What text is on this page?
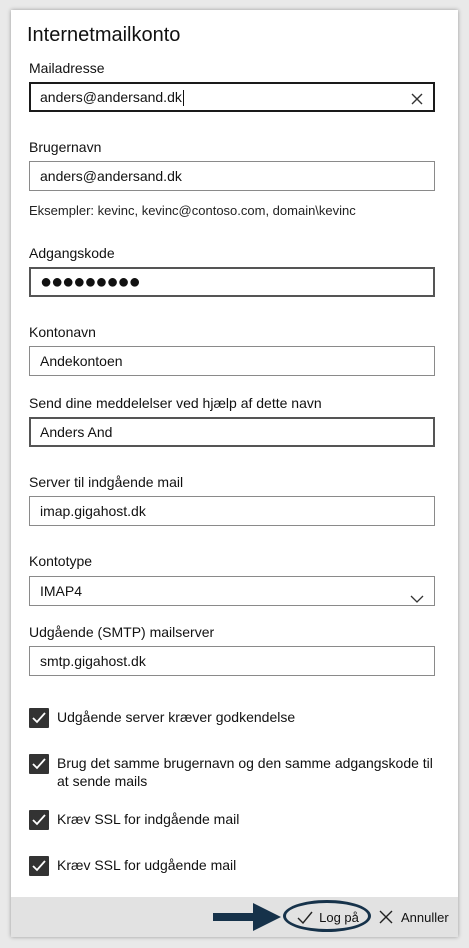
Internetmailkonto
Mailadresse
anders@andersand.dk
Brugernavn
anders@andersand.dk
Eksempler: kevinc, kevinc@contoso.com, domain\kevinc
Adgangskode
●●●●●●●●●
Kontonavn
Andekontoen
Send dine meddelelser ved hjælp af dette navn
Anders And
Server til indgående mail
imap.gigahost.dk
Kontotype
IMAP4
Udgående (SMTP) mailserver
smtp.gigahost.dk
Udgående server kræver godkendelse
Brug det samme brugernavn og den samme adgangskode til at sende mails
Kræv SSL for indgående mail
Kræv SSL for udgående mail
Log på	Annuller
